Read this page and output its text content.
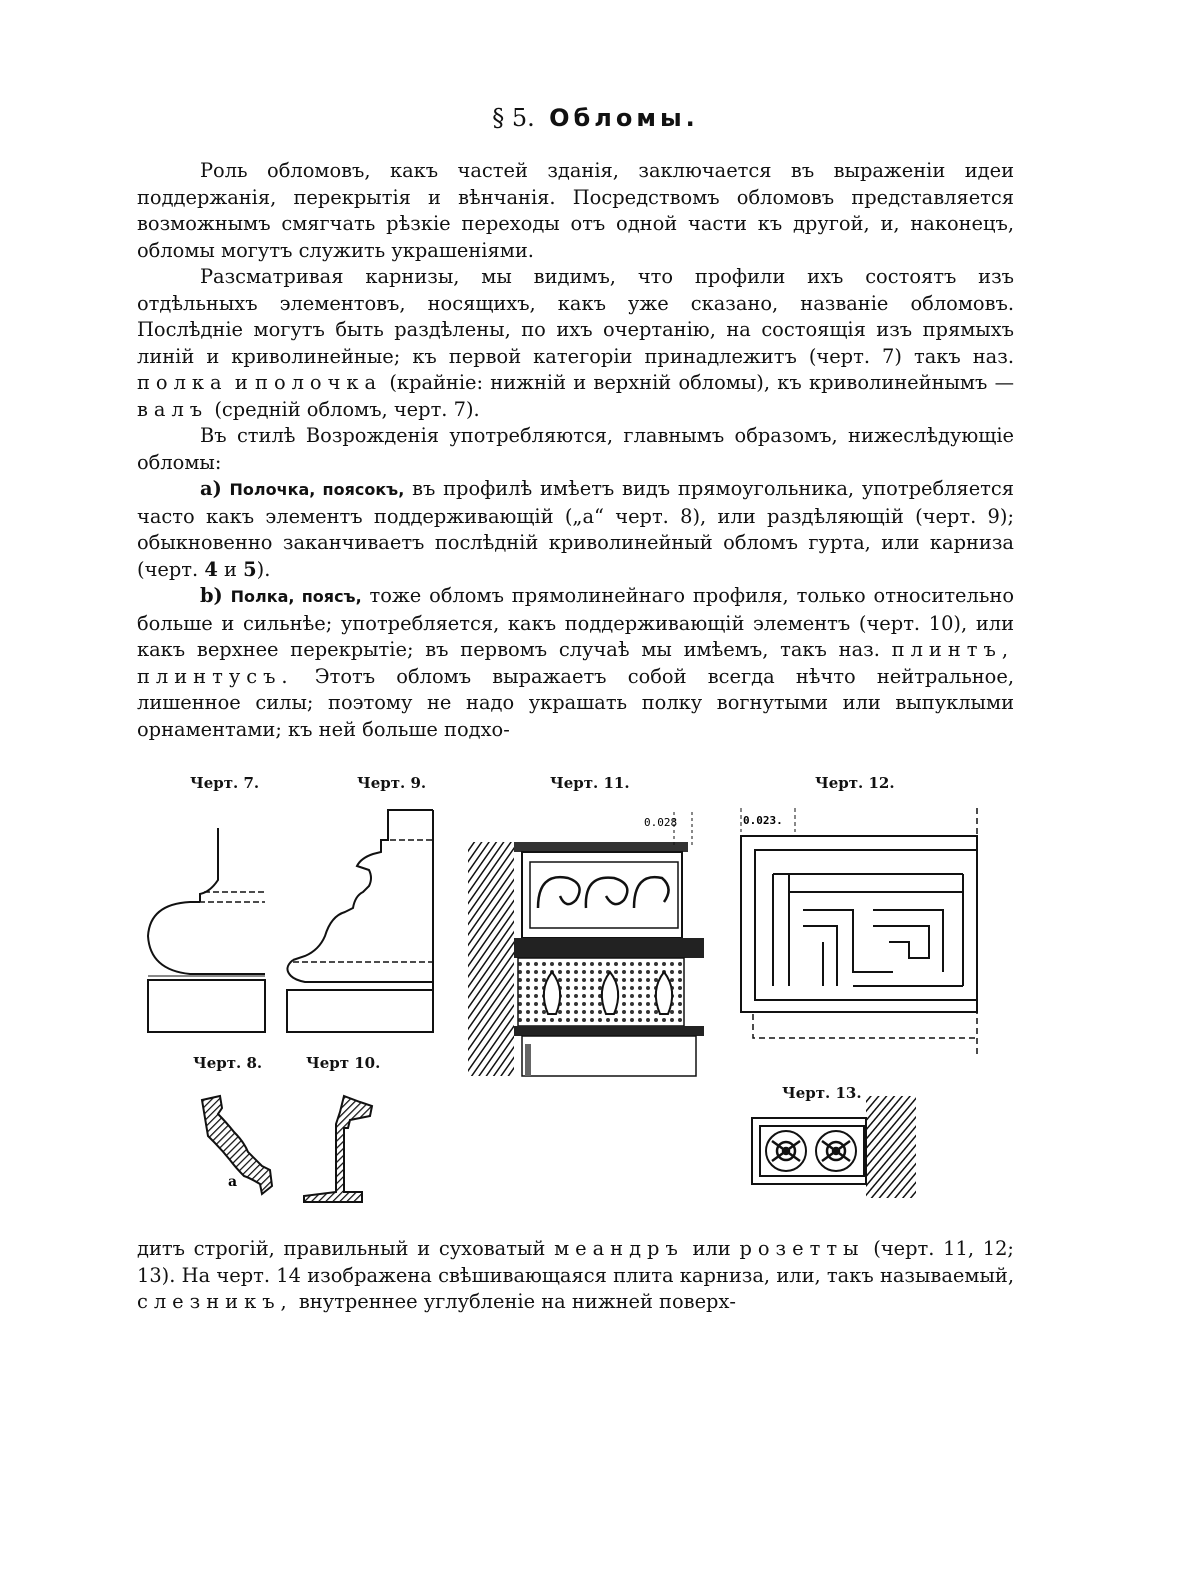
§ 5. Обломы.

Роль обломовъ, какъ частей зданія, заключается въ выраженіи идеи поддержанія, перекрытія и вѣнчанія. Посредствомъ обломовъ представляется возможнымъ смягчать рѣзкіе переходы отъ одной части къ другой, и, наконецъ, обломы могутъ служить украшеніями.

Разсматривая карнизы, мы видимъ, что профили ихъ состоятъ изъ отдѣльныхъ элементовъ, носящихъ, какъ уже сказано, названіе обломовъ. Послѣдніе могутъ быть раздѣлены, по ихъ очертанію, на состоящія изъ прямыхъ линій и криволинейные; къ первой категоріи принадлежитъ (черт. 7) такъ наз. полка и полочка (крайніе: нижній и верхній обломы), къ криволинейнымъ — валъ (средній обломъ, черт. 7).

Въ стилѣ Возрожденія употребляются, главнымъ образомъ, нижеслѣдующіе обломы:

a) Полочка, поясокъ, въ профилѣ имѣетъ видъ прямоугольника, употребляется часто какъ элементъ поддерживающій („а“ черт. 8), или раздѣляющій (черт. 9); обыкновенно заканчиваетъ послѣдній криволинейный обломъ гурта, или карниза (черт. 4 и 5).

b) Полка, поясъ, тоже обломъ прямолинейнаго профиля, только относительно больше и сильнѣе; употребляется, какъ поддерживающій элементъ (черт. 10), или какъ верхнее перекрытіе; въ первомъ случаѣ мы имѣемъ, такъ наз. плинтъ, плинтусъ. Этотъ обломъ выражаетъ собой всегда нѣчто нейтральное, лишенное силы; поэтому не надо украшать полку вогнутыми или выпуклыми орнаментами; къ ней больше подхо-

Черт. 7.	Черт. 9.	Черт. 11.	Черт. 12.
Черт. 8.	Черт 10.
Черт. 13.
a
0.028	0.023.

дитъ строгій, правильный и суховатый меандръ или розетты (черт. 11, 12; 13). На черт. 14 изображена свѣшивающаяся плита карниза, или, такъ называемый, слезникъ, внутреннее углубленіе на нижней поверх-
